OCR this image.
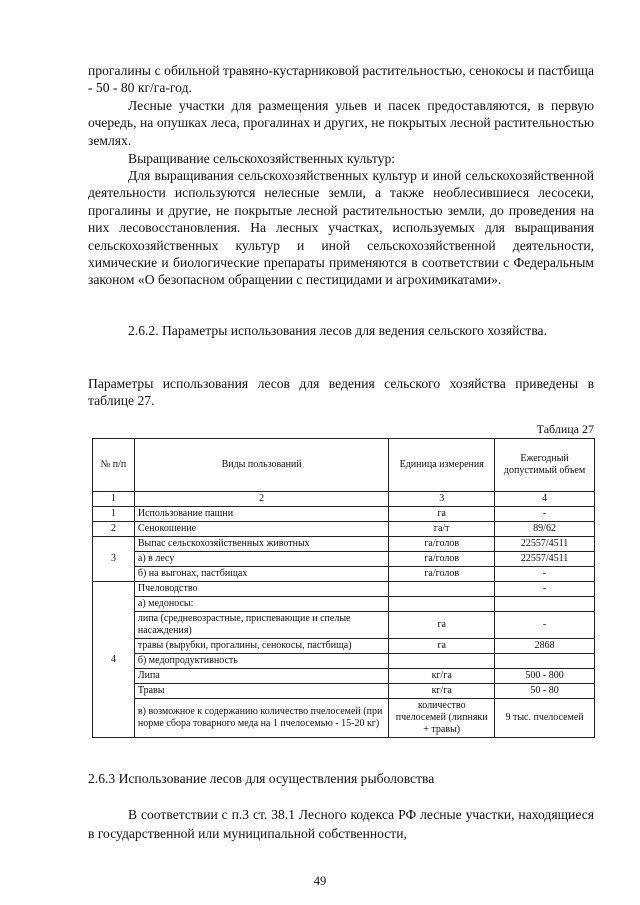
прогалины с обильной травяно-кустарниковой растительностью, сенокосы и пастбища - 50 - 80 кг/га-год.

Лесные участки для размещения ульев и пасек предоставляются, в первую очередь, на опушках леса, прогалинах и других, не покрытых лесной растительностью землях.

Выращивание сельскохозяйственных культур:

Для выращивания сельскохозяйственных культур и иной сельскохозяйственной деятельности используются нелесные земли, а также необлесившиеся лесосеки, прогалины и другие, не покрытые лесной растительностью земли, до проведения на них лесовосстановления. На лесных участках, используемых для выращивания сельскохозяйственных культур и иной сельскохозяйственной деятельности, химические и биологические препараты применяются в соответствии с Федеральным законом «О безопасном обращении с пестицидами и агрохимикатами».

2.6.2. Параметры использования лесов для ведения сельского хозяйства.

Параметры использования лесов для ведения сельского хозяйства приведены в таблице 27.

Таблица 27
№ п/п	Виды пользований	Единица измерения	Ежегодный допустимый объем
1	2	3	4
1	Использование пашни	га	-
2	Сенокошение	га/т	89/62
3	Выпас сельскохозяйственных животных	га/голов	22557/4511
	а) в лесу	га/голов	22557/4511
	б) на выгонах, пастбищах	га/голов	-
4	Пчеловодство		-
	а) медоносы:		
	липа (средневозрастные, приспевающие и спелые насаждения)	га	-
	травы (вырубки, прогалины, сенокосы, пастбища)	га	2868
	б) медопродуктивность		
	Липа	кг/га	500 - 800
	Травы	кг/га	50 - 80
	в) возможное к содержанию количество пчелосемей (при норме сбора товарного меда на 1 пчелосемью - 15-20 кг)	количество пчелосемей (липняки + травы)	9 тыс. пчелосемей

2.6.3 Использование лесов для осуществления рыболовства

В соответствии с п.3 ст. 38.1 Лесного кодекса РФ лесные участки, находящиеся в государственной или муниципальной собственности,

49
